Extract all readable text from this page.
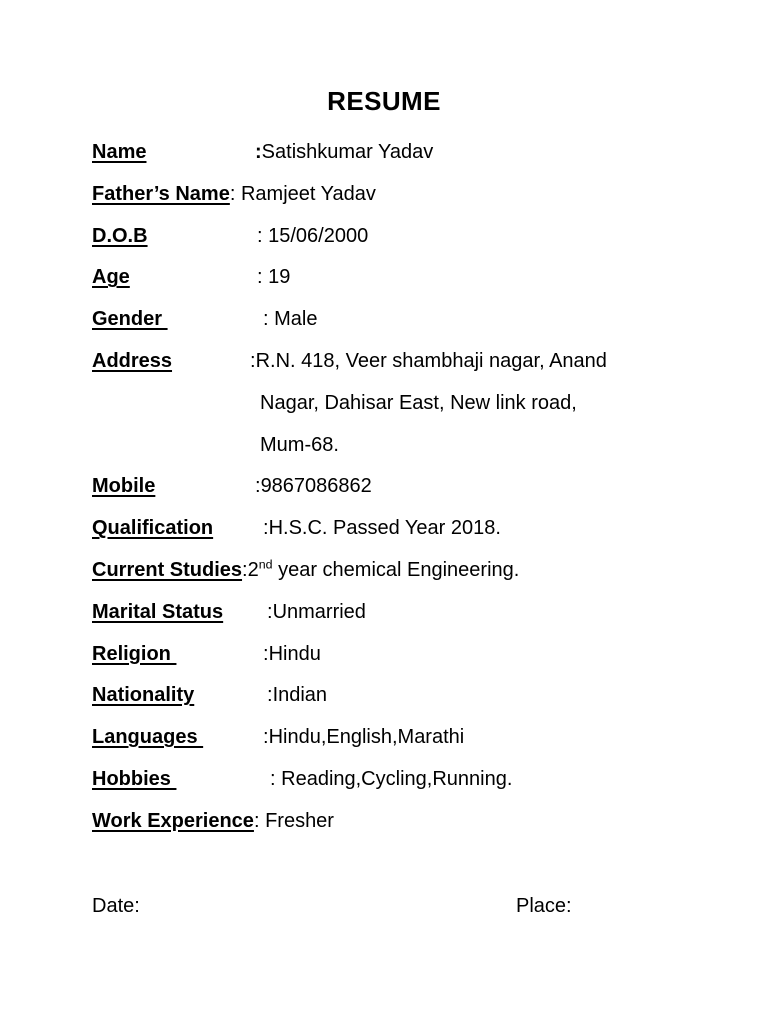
RESUME
Name	:Satishkumar Yadav
Father’s Name: Ramjeet Yadav
D.O.B	: 15/06/2000
Age	: 19
Gender	: Male
Address	:R.N. 418, Veer shambhaji nagar, Anand

Nagar, Dahisar East, New link road,

Mum-68.

Mobile	:9867086862
Qualification :H.S.C. Passed Year 2018.
Current Studies:2nd year chemical Engineering.
Marital Status :Unmarried
Religion	:Hindu
Nationality	:Indian
Languages	:Hindu,English,Marathi
Hobbies	: Reading,Cycling,Running.
Work Experience: Fresher
Date:	Place:
